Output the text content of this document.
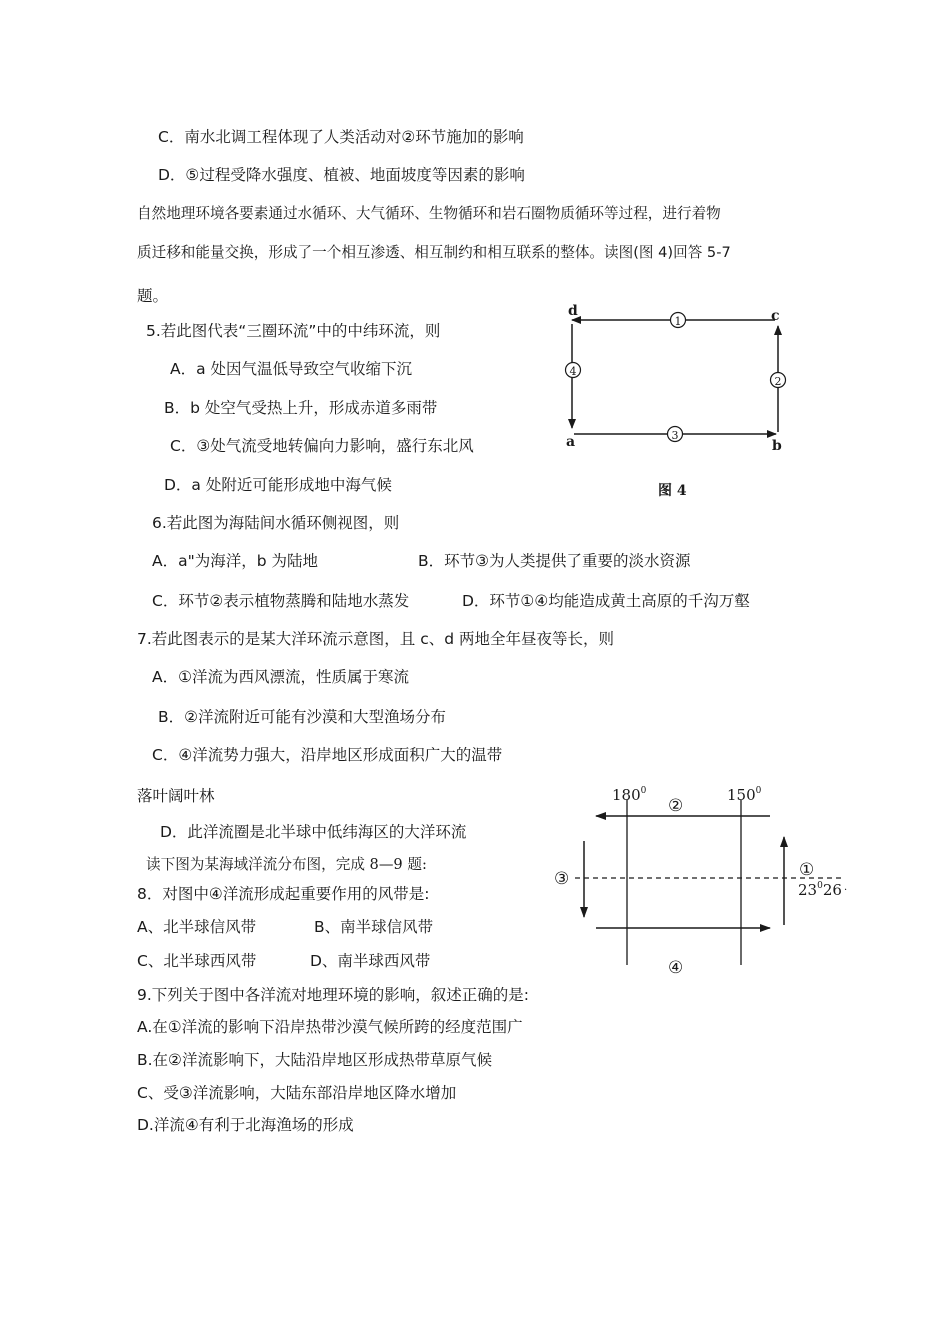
C．南水北调工程体现了人类活动对②环节施加的影响
D．⑤过程受降水强度、植被、地面坡度等因素的影响
自然地理环境各要素通过水循环、大气循环、生物循环和岩石圈物质循环等过程，进行着物
质迁移和能量交换，形成了一个相互渗透、相互制约和相互联系的整体。读图(图 4)回答 5-7
题。
5.若此图代表“三圈环流”中的中纬环流，则
A．a 处因气温低导致空气收缩下沉
B．b 处空气受热上升，形成赤道多雨带
C．③处气流受地转偏向力影响，盛行东北风
D．a 处附近可能形成地中海气候
6.若此图为海陆间水循环侧视图，则
A．a"为海洋，b 为陆地	B．环节③为人类提供了重要的淡水资源
C．环节②表示植物蒸腾和陆地水蒸发	D．环节①④均能造成黄土高原的千沟万壑
7.若此图表示的是某大洋环流示意图，且 c、d 两地全年昼夜等长，则
A．①洋流为西风漂流，性质属于寒流
B．②洋流附近可能有沙漠和大型渔场分布
C．④洋流势力强大，沿岸地区形成面积广大的温带
落叶阔叶林
D．此洋流圈是北半球中低纬海区的大洋环流
读下图为某海域洋流分布图，完成 8—9 题:
8．对图中④洋流形成起重要作用的风带是:
A、北半球信风带	B、南半球信风带
C、北半球西风带	D、南半球西风带
9.下列关于图中各洋流对地理环境的影响，叙述正确的是:
A.在①洋流的影响下沿岸热带沙漠气候所跨的经度范围广
B.在②洋流影响下，大陆沿岸地区形成热带草原气候
C、受③洋流影响，大陆东部沿岸地区降水增加
D.洋流④有利于北海渔场的形成
d	c
a	b
1
4
2
3
图 4
$180^0$	$150^0$
$23^026$ ·
②
①
③
④
